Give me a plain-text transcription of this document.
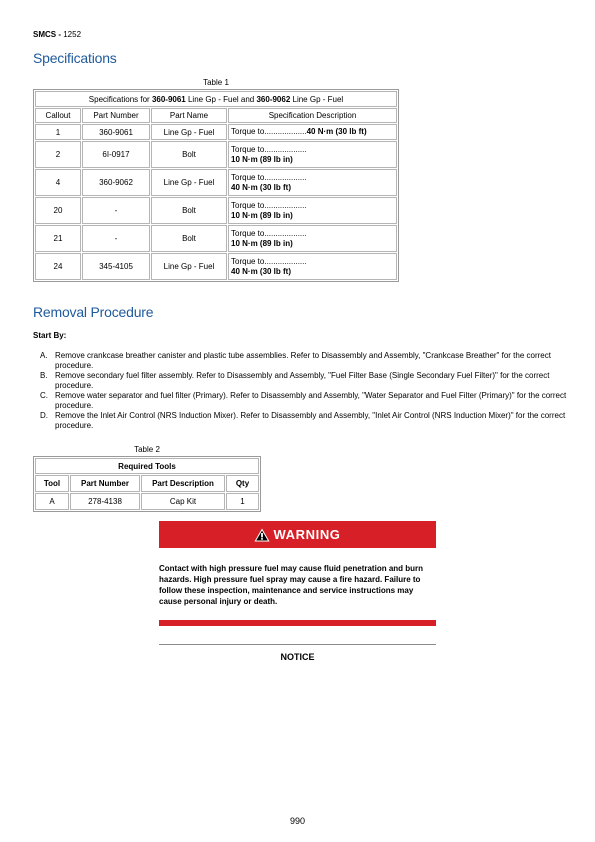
SMCS - 1252
Specifications
Table 1
Specifications for 360-9061 Line Gp - Fuel and 360-9062 Line Gp - Fuel			
Callout	Part Number	Part Name	Specification Description
1	360-9061	Line Gp - Fuel	Torque to...................40 N·m (30 lb ft)
2	6I-0917	Bolt	Torque to...................
10 N·m (89 lb in)
4	360-9062	Line Gp - Fuel	Torque to...................
40 N·m (30 lb ft)
20	-	Bolt	Torque to...................
10 N·m (89 lb in)
21	-	Bolt	Torque to...................
10 N·m (89 lb in)
24	345-4105	Line Gp - Fuel	Torque to...................
40 N·m (30 lb ft)
Removal Procedure
Start By:
A. Remove crankcase breather canister and plastic tube assemblies. Refer to Disassembly and Assembly, "Crankcase Breather" for the correct procedure.
B. Remove secondary fuel filter assembly. Refer to Disassembly and Assembly, "Fuel Filter Base (Single Secondary Fuel Filter)" for the correct procedure.
C. Remove water separator and fuel filter (Primary). Refer to Disassembly and Assembly, "Water Separator and Fuel Filter (Primary)" for the correct procedure.
D. Remove the Inlet Air Control (NRS Induction Mixer). Refer to Disassembly and Assembly, "Inlet Air Control (NRS Induction Mixer)" for the correct procedure.
Table 2
Required Tools			
Tool	Part Number	Part Description	Qty
A	278-4138	Cap Kit	1
WARNING
Contact with high pressure fuel may cause fluid penetration and burn hazards. High pressure fuel spray may cause a fire hazard. Failure to follow these inspection, maintenance and service instructions may cause personal injury or death.
NOTICE
990
